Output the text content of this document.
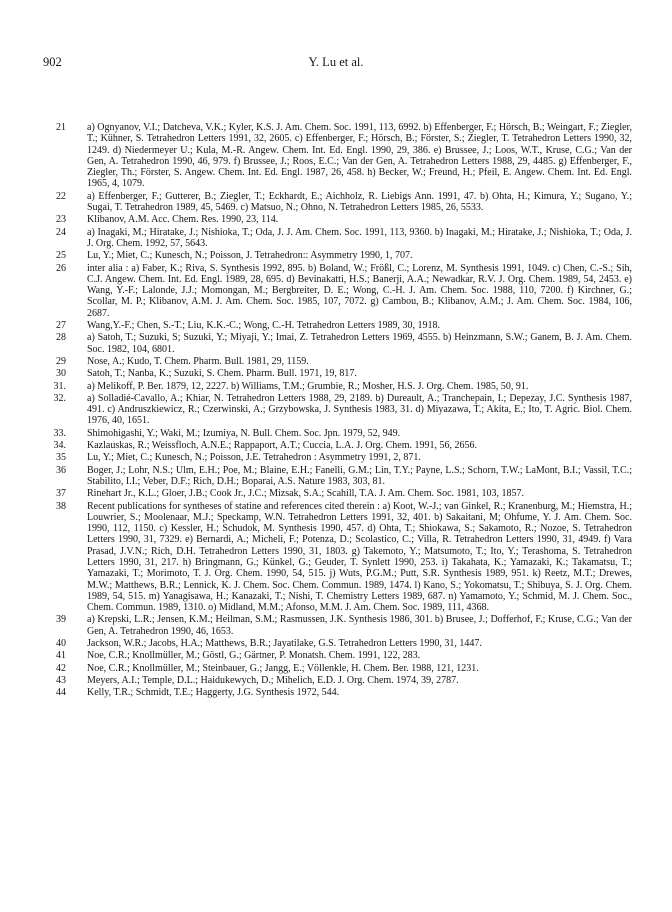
902	Y. Lu et al.
21 a) Ognyanov, V.I.; Datcheva, V.K.; Kyler, K.S. J. Am. Chem. Soc. 1991, 113, 6992. b) Effenberger, F.; Hörsch, B.; Weingart, F.; Ziegler, T.; Kühner, S. Tetrahedron Letters 1991, 32, 2605. c) Effenberger, F.; Hörsch, B.; Förster, S.; Ziegler, T. Tetrahedron Letters 1990, 32, 1249. d) Niedermeyer U.; Kula, M.-R. Angew. Chem. Int. Ed. Engl. 1990, 29, 386. e) Brussee, J.; Loos, W.T., Kruse, C.G.; Van der Gen, A. Tetrahedron 1990, 46, 979. f) Brussee, J.; Roos, E.C.; Van der Gen, A. Tetrahedron Letters 1988, 29, 4485. g) Effenberger, F., Ziegler, Th.; Förster, S. Angew. Chem. Int. Ed. Engl. 1987, 26, 458. h) Becker, W.; Freund, H.; Pfeil, E. Angew. Chem. Int. Ed. Engl. 1965, 4, 1079.
22 a) Effenberger, F.; Gutterer, B.; Ziegler, T.; Eckhardt, E.; Aichholz, R. Liebigs Ann. 1991, 47. b) Ohta, H.; Kimura, Y.; Sugano, Y.; Sugai, T. Tetrahedron 1989, 45, 5469. c) Matsuo, N.; Ohno, N. Tetrahedron Letters 1985, 26, 5533.
23 Klibanov, A.M. Acc. Chem. Res. 1990, 23, 114.
24 a) Inagaki, M.; Hiratake, J.; Nishioka, T.; Oda, J. J. Am. Chem. Soc. 1991, 113, 9360. b) Inagaki, M.; Hiratake, J.; Nishioka, T.; Oda, J. J. Org. Chem. 1992, 57, 5643.
25 Lu, Y.; Miet, C.; Kunesch, N.; Poisson, J. Tetrahedron:: Asymmetry 1990, 1, 707.
26 inter alia : a) Faber, K.; Riva, S. Synthesis 1992, 895. b) Boland, W.; Frößl, C.; Lorenz, M. Synthesis 1991, 1049. c) Chen, C.-S.; Sih, C.J. Angew. Chem. Int. Ed. Engl. 1989, 28, 695. d) Bevinakatti, H.S.; Banerji, A.A.; Newadkar, R.V. J. Org. Chem. 1989, 54, 2453. e) Wang, Y.-F.; Lalonde, J.J.; Momongan, M.; Bergbreiter, D. E.; Wong, C.-H. J. Am. Chem. Soc. 1988, 110, 7200. f) Kirchner, G.; Scollar, M. P.; Klibanov, A.M. J. Am. Chem. Soc. 1985, 107, 7072. g) Cambou, B.; Klibanov, A.M.; J. Am. Chem. Soc. 1984, 106, 2687.
27 Wang,Y.-F.; Chen, S.-T.; Liu, K.K.-C.; Wong, C.-H. Tetrahedron Letters 1989, 30, 1918.
28 a) Satoh, T.; Suzuki, S; Suzuki, Y.; Miyaji, Y.; Imai, Z. Tetrahedron Letters 1969, 4555. b) Heinzmann, S.W.; Ganem, B. J. Am. Chem. Soc. 1982, 104, 6801.
29 Nose, A.; Kudo, T. Chem. Pharm. Bull. 1981, 29, 1159.
30 Satoh, T.; Nanba, K.; Suzuki, S. Chem. Pharm. Bull. 1971, 19, 817.
31. a) Melikoff, P. Ber. 1879, 12, 2227. b) Williams, T.M.; Grumbie, R.; Mosher, H.S. J. Org. Chem. 1985, 50, 91.
32. a) Solladié-Cavallo, A.; Khiar, N. Tetrahedron Letters 1988, 29, 2189. b) Dureault, A.; Tranchepain, I.; Depezay, J.C. Synthesis 1987, 491. c) Andruszkiewicz, R.; Czerwinski, A.; Grzybowska, J. Synthesis 1983, 31. d) Miyazawa, T.; Akita, E.; Ito, T. Agric. Biol. Chem. 1976, 40, 1651.
33. Shimohigashi, Y.; Waki, M.; Izumiya, N. Bull. Chem. Soc. Jpn. 1979, 52, 949.
34. Kazlauskas, R.; Weissfloch, A.N.E.; Rappaport, A.T.; Cuccia, L.A. J. Org. Chem. 1991, 56, 2656.
35 Lu, Y.; Miet, C.; Kunesch, N.; Poisson, J.E. Tetrahedron : Asymmetry 1991, 2, 871.
36 Boger, J.; Lohr, N.S.; Ulm, E.H.; Poe, M.; Blaine, E.H.; Fanelli, G.M.; Lin, T.Y.; Payne, L.S.; Schorn, T.W.; LaMont, B.I.; Vassil, T.C.; Stabilito, I.I.; Veber, D.F.; Rich, D.H.; Boparai, A.S. Nature 1983, 303, 81.
37 Rinehart Jr., K.L.; Gloer, J.B.; Cook Jr., J.C.; Mizsak, S.A.; Scahill, T.A. J. Am. Chem. Soc. 1981, 103, 1857.
38 Recent publications for syntheses of statine and references cited therein : a) Koot, W.-J.; van Ginkel, R.; Kranenburg, M.; Hiemstra, H.; Louwrier, S.; Moolenaar, M.J.; Speckamp, W.N. Tetrahedron Letters 1991, 32, 401. b) Sakaitani, M; Ohfume, Y. J. Am. Chem. Soc. 1990, 112, 1150. c) Kessler, H.; Schudok, M. Synthesis 1990, 457. d) Ohta, T.; Shiokawa, S.; Sakamoto, R.; Nozoe, S. Tetrahedron Letters 1990, 31, 7329. e) Bernardi, A.; Micheli, F.; Potenza, D.; Scolastico, C.; Villa, R. Tetrahedron Letters 1990, 31, 4949. f) Vara Prasad, J.V.N.; Rich, D.H. Tetrahedron Letters 1990, 31, 1803. g) Takemoto, Y.; Matsumoto, T.; Ito, Y.; Terashoma, S. Tetrahedron Letters 1990, 31, 217. h) Bringmann, G.; Künkel, G.; Geuder, T. Synlett 1990, 253. i) Takahata, K.; Yamazaki, K.; Takamatsu, T.; Yamazaki, T.; Morimoto, T. J. Org. Chem. 1990, 54, 515. j) Wuts, P.G.M.; Putt, S.R. Synthesis 1989, 951. k) Reetz, M.T.; Drewes, M.W.; Matthews, B.R.; Lennick, K. J. Chem. Soc. Chem. Commun. 1989, 1474. l) Kano, S.; Yokomatsu, T.; Shibuya, S. J. Org. Chem. 1989, 54, 515. m) Yanagisawa, H.; Kanazaki, T.; Nishi, T. Chemistry Letters 1989, 687. n) Yamamoto, Y.; Schmid, M. J. Chem. Soc., Chem. Commun. 1989, 1310. o) Midland, M.M.; Afonso, M.M. J. Am. Chem. Soc. 1989, 111, 4368.
39 a) Krepski, L.R.; Jensen, K.M.; Heilman, S.M.; Rasmussen, J.K. Synthesis 1986, 301. b) Brusee, J.; Dofferhof, F.; Kruse, C.G.; Van der Gen, A. Tetrahedron 1990, 46, 1653.
40 Jackson, W.R.; Jacobs, H.A.; Matthews, B.R.; Jayatilake, G.S. Tetrahedron Letters 1990, 31, 1447.
41 Noe, C.R.; Knollmüller, M.; Göstl, G.; Gärtner, P. Monatsh. Chem. 1991, 122, 283.
42 Noe, C.R.; Knollmüller, M.; Steinbauer, G.; Jangg, E.; Völlenkle, H. Chem. Ber. 1988, 121, 1231.
43 Meyers, A.I.; Temple, D.L.; Haidukewych, D.; Mihelich, E.D. J. Org. Chem. 1974, 39, 2787.
44 Kelly, T.R.; Schmidt, T.E.; Haggerty, J.G. Synthesis 1972, 544.
